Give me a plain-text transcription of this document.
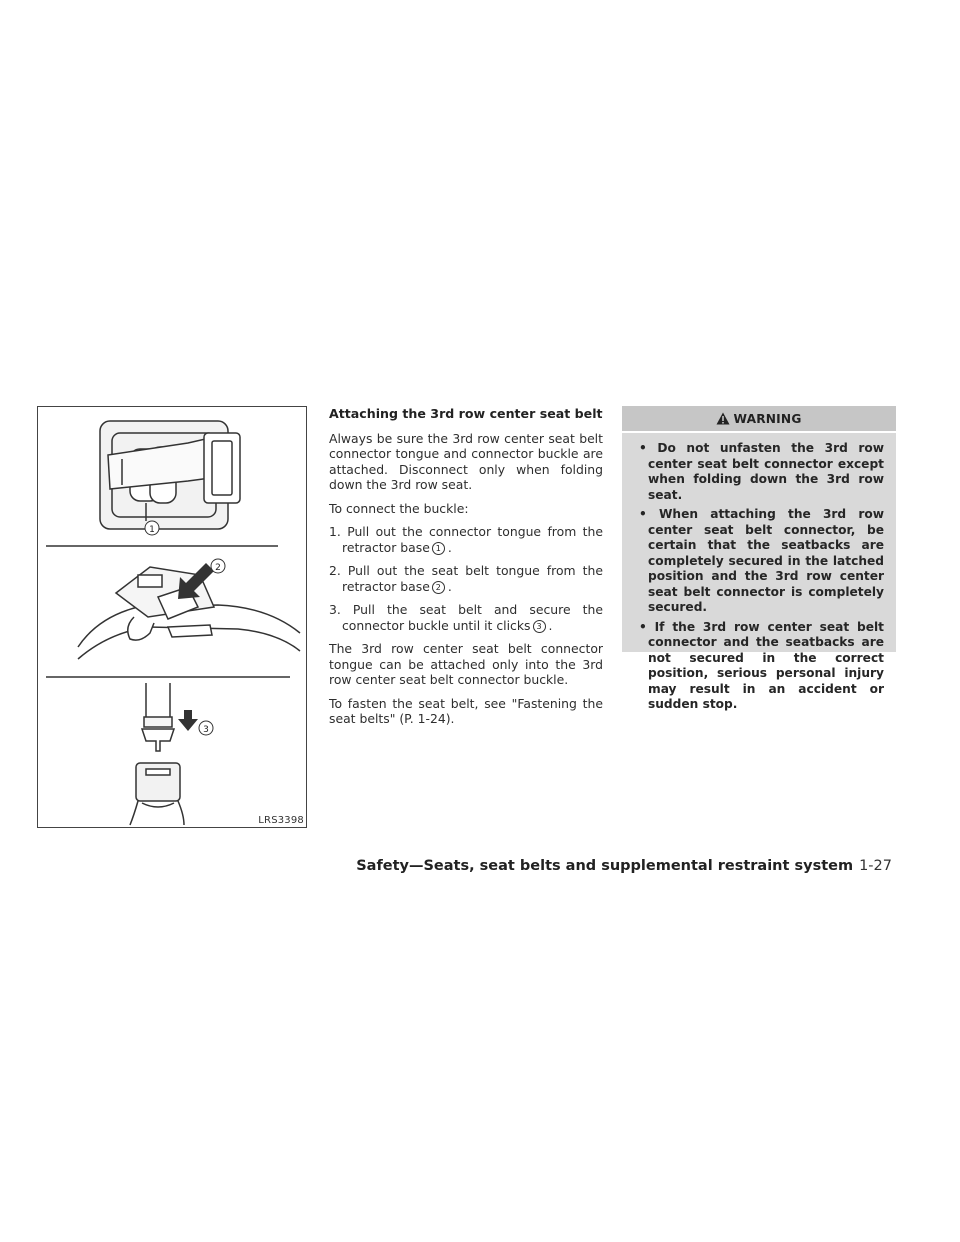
1
2
3
LRS3398
Attaching the 3rd row center seat belt

Always be sure the 3rd row center seat belt connector tongue and connector buckle are attached. Disconnect only when folding down the 3rd row seat.

To connect the buckle:

1. Pull out the connector tongue from the retractor base 1 .
2. Pull out the seat belt tongue from the retractor base 2 .
3. Pull the seat belt and secure the connector buckle until it clicks 3 .

The 3rd row center seat belt connector tongue can be attached only into the 3rd row center seat belt connector buckle.

To fasten the seat belt, see "Fastening the seat belts" (P. 1-24).

WARNING
• Do not unfasten the 3rd row center seat belt connector except when folding down the 3rd row seat.
• When attaching the 3rd row center seat belt connector, be certain that the seatbacks are completely secured in the latched position and the 3rd row center seat belt connector is completely secured.
• If the 3rd row center seat belt connector and the seatbacks are not secured in the correct position, serious personal injury may result in an accident or sudden stop.
Safety—Seats, seat belts and supplemental restraint system 1-27
